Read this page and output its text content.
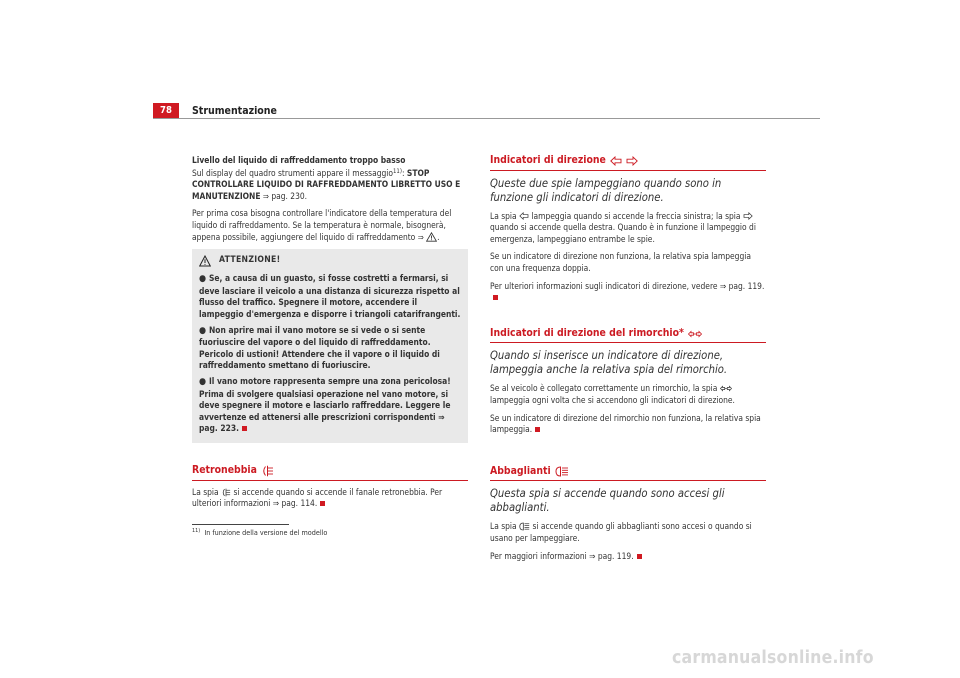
78	Strumentazione

Livello del liquido di raffreddamento troppo basso

Sul display del quadro strumenti appare il messaggio$^{11)}$: STOP CONTROLLARE LIQUIDO DI RAFFREDDAMENTO LIBRETTO USO E MANUTENZIONE ⇒ pag. 230.

Per prima cosa bisogna controllare l'indicatore della temperatura del liquido di raffreddamento. Se la temperatura è normale, bisognerà, appena possibile, aggiungere del liquido di raffreddamento ⇒ .

ATTENZIONE!
● Se, a causa di un guasto, si fosse costretti a fermarsi, si deve lasciare il veicolo a una distanza di sicurezza rispetto al flusso del traffico. Spegnere il motore, accendere il lampeggio d'emergenza e disporre i triangoli catarifrangenti.
● Non aprire mai il vano motore se si vede o si sente fuoriuscire del vapore o del liquido di raffreddamento. Pericolo di ustioni! Attendere che il vapore o il liquido di raffreddamento smettano di fuoriuscire.
● Il vano motore rappresenta sempre una zona pericolosa! Prima di svolgere qualsiasi operazione nel vano motore, si deve spegnere il motore e lasciarlo raffreddare. Leggere le avvertenze ed attenersi alle prescrizioni corrispondenti ⇒ pag. 223.
Retronebbia

La spia si accende quando si accende il fanale retronebbia. Per ulteriori informazioni ⇒ pag. 114.

$^{11)}$ In funzione della versione del modello
Indicatori di direzione

Queste due spie lampeggiano quando sono in funzione gli indicatori di direzione.

La spia lampeggia quando si accende la freccia sinistra; la spia  quando si accende quella destra. Quando è in funzione il lampeggio di emergenza, lampeggiano entrambe le spie.

Se un indicatore di direzione non funziona, la relativa spia lampeggia con una frequenza doppia.

Per ulteriori informazioni sugli indicatori di direzione, vedere ⇒ pag. 119.

Indicatori di direzione del rimorchio*

Quando si inserisce un indicatore di direzione, lampeggia anche la relativa spia del rimorchio.

Se al veicolo è collegato correttamente un rimorchio, la spia  lampeggia ogni volta che si accendono gli indicatori di direzione.

Se un indicatore di direzione del rimorchio non funziona, la relativa spia lampeggia.

Abbaglianti

Questa spia si accende quando sono accesi gli abbaglianti.

La spia si accende quando gli abbaglianti sono accesi o quando si usano per lampeggiare.

Per maggiori informazioni ⇒ pag. 119.

carmanualsonline.info
